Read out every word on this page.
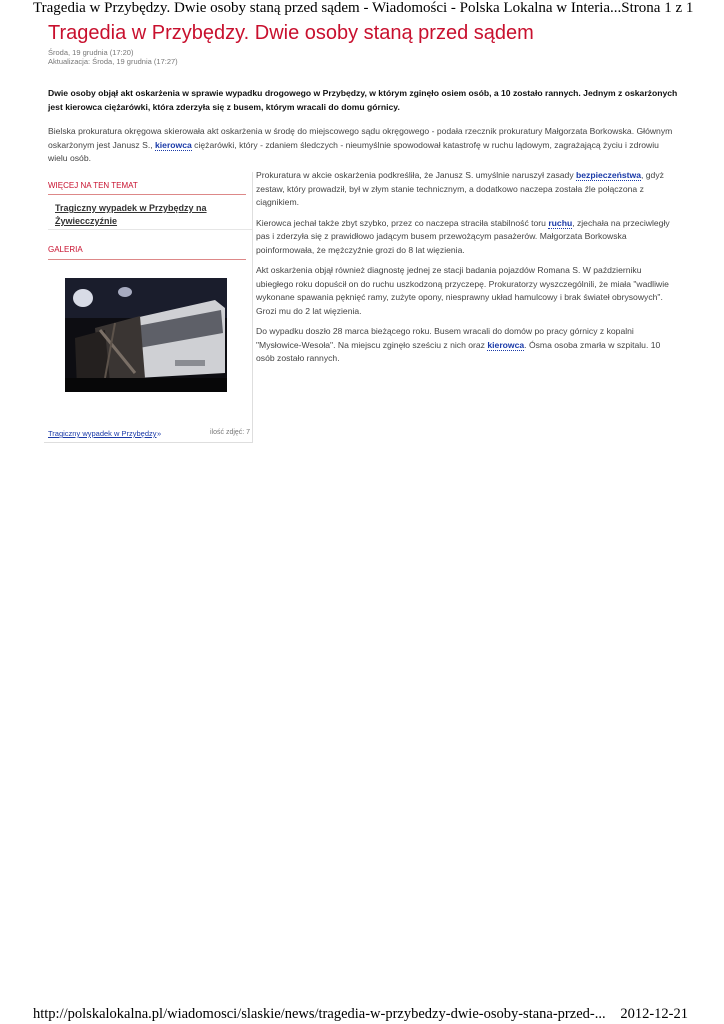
Tragedia w Przybędzy. Dwie osoby staną przed sądem - Wiadomości - Polska Lokalna w Interia... Strona 1 z 1
Tragedia w Przybędzy. Dwie osoby staną przed sądem
Środa, 19 grudnia (17:20)
Aktualizacja: Środa, 19 grudnia (17:27)

Dwie osoby objął akt oskarżenia w sprawie wypadku drogowego w Przybędzy, w którym zginęło osiem osób, a 10 zostało rannych. Jednym z oskarżonych jest kierowca ciężarówki, która zderzyła się z busem, którym wracali do domu górnicy.

Bielska prokuratura okręgowa skierowała akt oskarżenia w środę do miejscowego sądu okręgowego - podała rzecznik prokuratury Małgorzata Borkowska. Głównym oskarżonym jest Janusz S., kierowca ciężarówki, który - zdaniem śledczych - nieumyślnie spowodował katastrofę w ruchu lądowym, zagrażającą życiu i zdrowiu wielu osób.

WIĘCEJ NA TEN TEMAT
Tragiczny wypadek w Przybędzy na Żywiecczyźnie
GALERIA
Tragiczny wypadek w Przybędzy »	ilość zdjęć: 7

Prokuratura w akcie oskarżenia podkreśliła, że Janusz S. umyślnie naruszył zasady bezpieczeństwa, gdyż zestaw, który prowadził, był w złym stanie technicznym, a dodatkowo naczepa została źle połączona z ciągnikiem.

Kierowca jechał także zbyt szybko, przez co naczepa straciła stabilność toru ruchu, zjechała na przeciwległy pas i zderzyła się z prawidłowo jadącym busem przewożącym pasażerów. Małgorzata Borkowska poinformowała, że mężczyźnie grozi do 8 lat więzienia.

Akt oskarżenia objął również diagnostę jednej ze stacji badania pojazdów Romana S. W październiku ubiegłego roku dopuścił on do ruchu uszkodzoną przyczepę. Prokuratorzy wyszczególnili, że miała "wadliwie wykonane spawania pęknięć ramy, zużyte opony, niesprawny układ hamulcowy i brak świateł obrysowych". Grozi mu do 2 lat więzienia.

Do wypadku doszło 28 marca bieżącego roku. Busem wracali do domów po pracy górnicy z kopalni "Mysłowice-Wesoła". Na miejscu zginęło sześciu z nich oraz kierowca. Ósma osoba zmarła w szpitalu. 10 osób zostało rannych.

http://polskalokalna.pl/wiadomosci/slaskie/news/tragedia-w-przybedzy-dwie-osoby-stana-przed-... 2012-12-21
